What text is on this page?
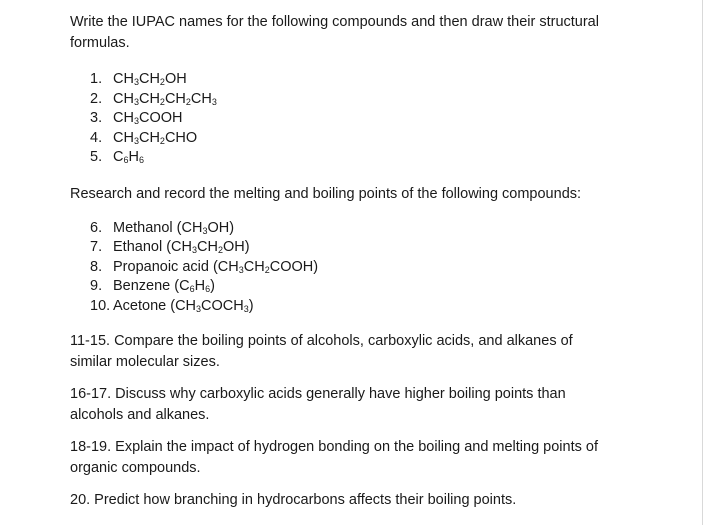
Write the IUPAC names for the following compounds and then draw their structural formulas.

1. $CH_3CH_2OH$
2. $CH_3CH_2CH_2CH_3$
3. $CH_3COOH$
4. $CH_3CH_2CHO$
5. $C_6H_6$

Research and record the melting and boiling points of the following compounds:

6. Methanol $(CH_3OH)$
7. Ethanol $(CH_3CH_2OH)$
8. Propanoic acid $(CH_3CH_2COOH)$
9. Benzene $(C_6H_6)$
10. Acetone $(CH_3COCH_3)$

11-15. Compare the boiling points of alcohols, carboxylic acids, and alkanes of similar molecular sizes.

16-17. Discuss why carboxylic acids generally have higher boiling points than alcohols and alkanes.

18-19. Explain the impact of hydrogen bonding on the boiling and melting points of organic compounds.

20. Predict how branching in hydrocarbons affects their boiling points.
